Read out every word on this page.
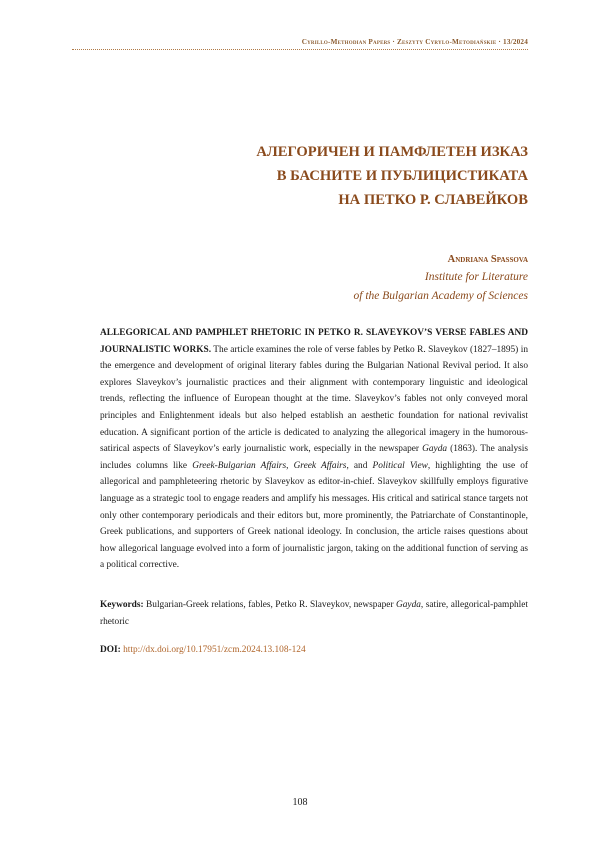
Cyrillo-Methodian Papers · Zeszyty Cyrylo-Metodiańskie · 13/2024
АЛЕГОРИЧЕН И ПАМФЛЕТЕН ИЗКАЗ
В БАСНИТЕ И ПУБЛИЦИСТИКАТА
НА ПЕТКО Р. СЛАВЕЙКОВ
Andriana Spassova
Institute for Literature
of the Bulgarian Academy of Sciences
ALLEGORICAL AND PAMPHLET RHETORIC IN PETKO R. SLAVEYKOV’S VERSE FABLES AND JOURNALISTIC WORKS. The article examines the role of verse fables by Petko R. Slaveykov (1827–1895) in the emergence and development of original literary fables during the Bulgarian National Revival period. It also explores Slaveykov’s journalistic practices and their alignment with contemporary linguistic and ideological trends, reflecting the influence of European thought at the time. Slaveykov’s fables not only conveyed moral principles and Enlightenment ideals but also helped establish an aesthetic foundation for national revivalist education. A significant portion of the article is dedicated to analyzing the allegorical imagery in the humorous-satirical aspects of Slaveykov’s early journalistic work, especially in the newspaper Gayda (1863). The analysis includes columns like Greek-Bulgarian Affairs, Greek Affairs, and Political View, highlighting the use of allegorical and pamphleteering rhetoric by Slaveykov as editor-in-chief. Slaveykov skillfully employs figurative language as a strategic tool to engage readers and amplify his messages. His critical and satirical stance targets not only other contemporary periodicals and their editors but, more prominently, the Patriarchate of Constantinople, Greek publications, and supporters of Greek national ideology. In conclusion, the article raises questions about how allegorical language evolved into a form of journalistic jargon, taking on the additional function of serving as a political corrective.
Keywords: Bulgarian-Greek relations, fables, Petko R. Slaveykov, newspaper Gayda, satire, allegorical-pamphlet rhetoric
DOI: http://dx.doi.org/10.17951/zcm.2024.13.108-124
108
